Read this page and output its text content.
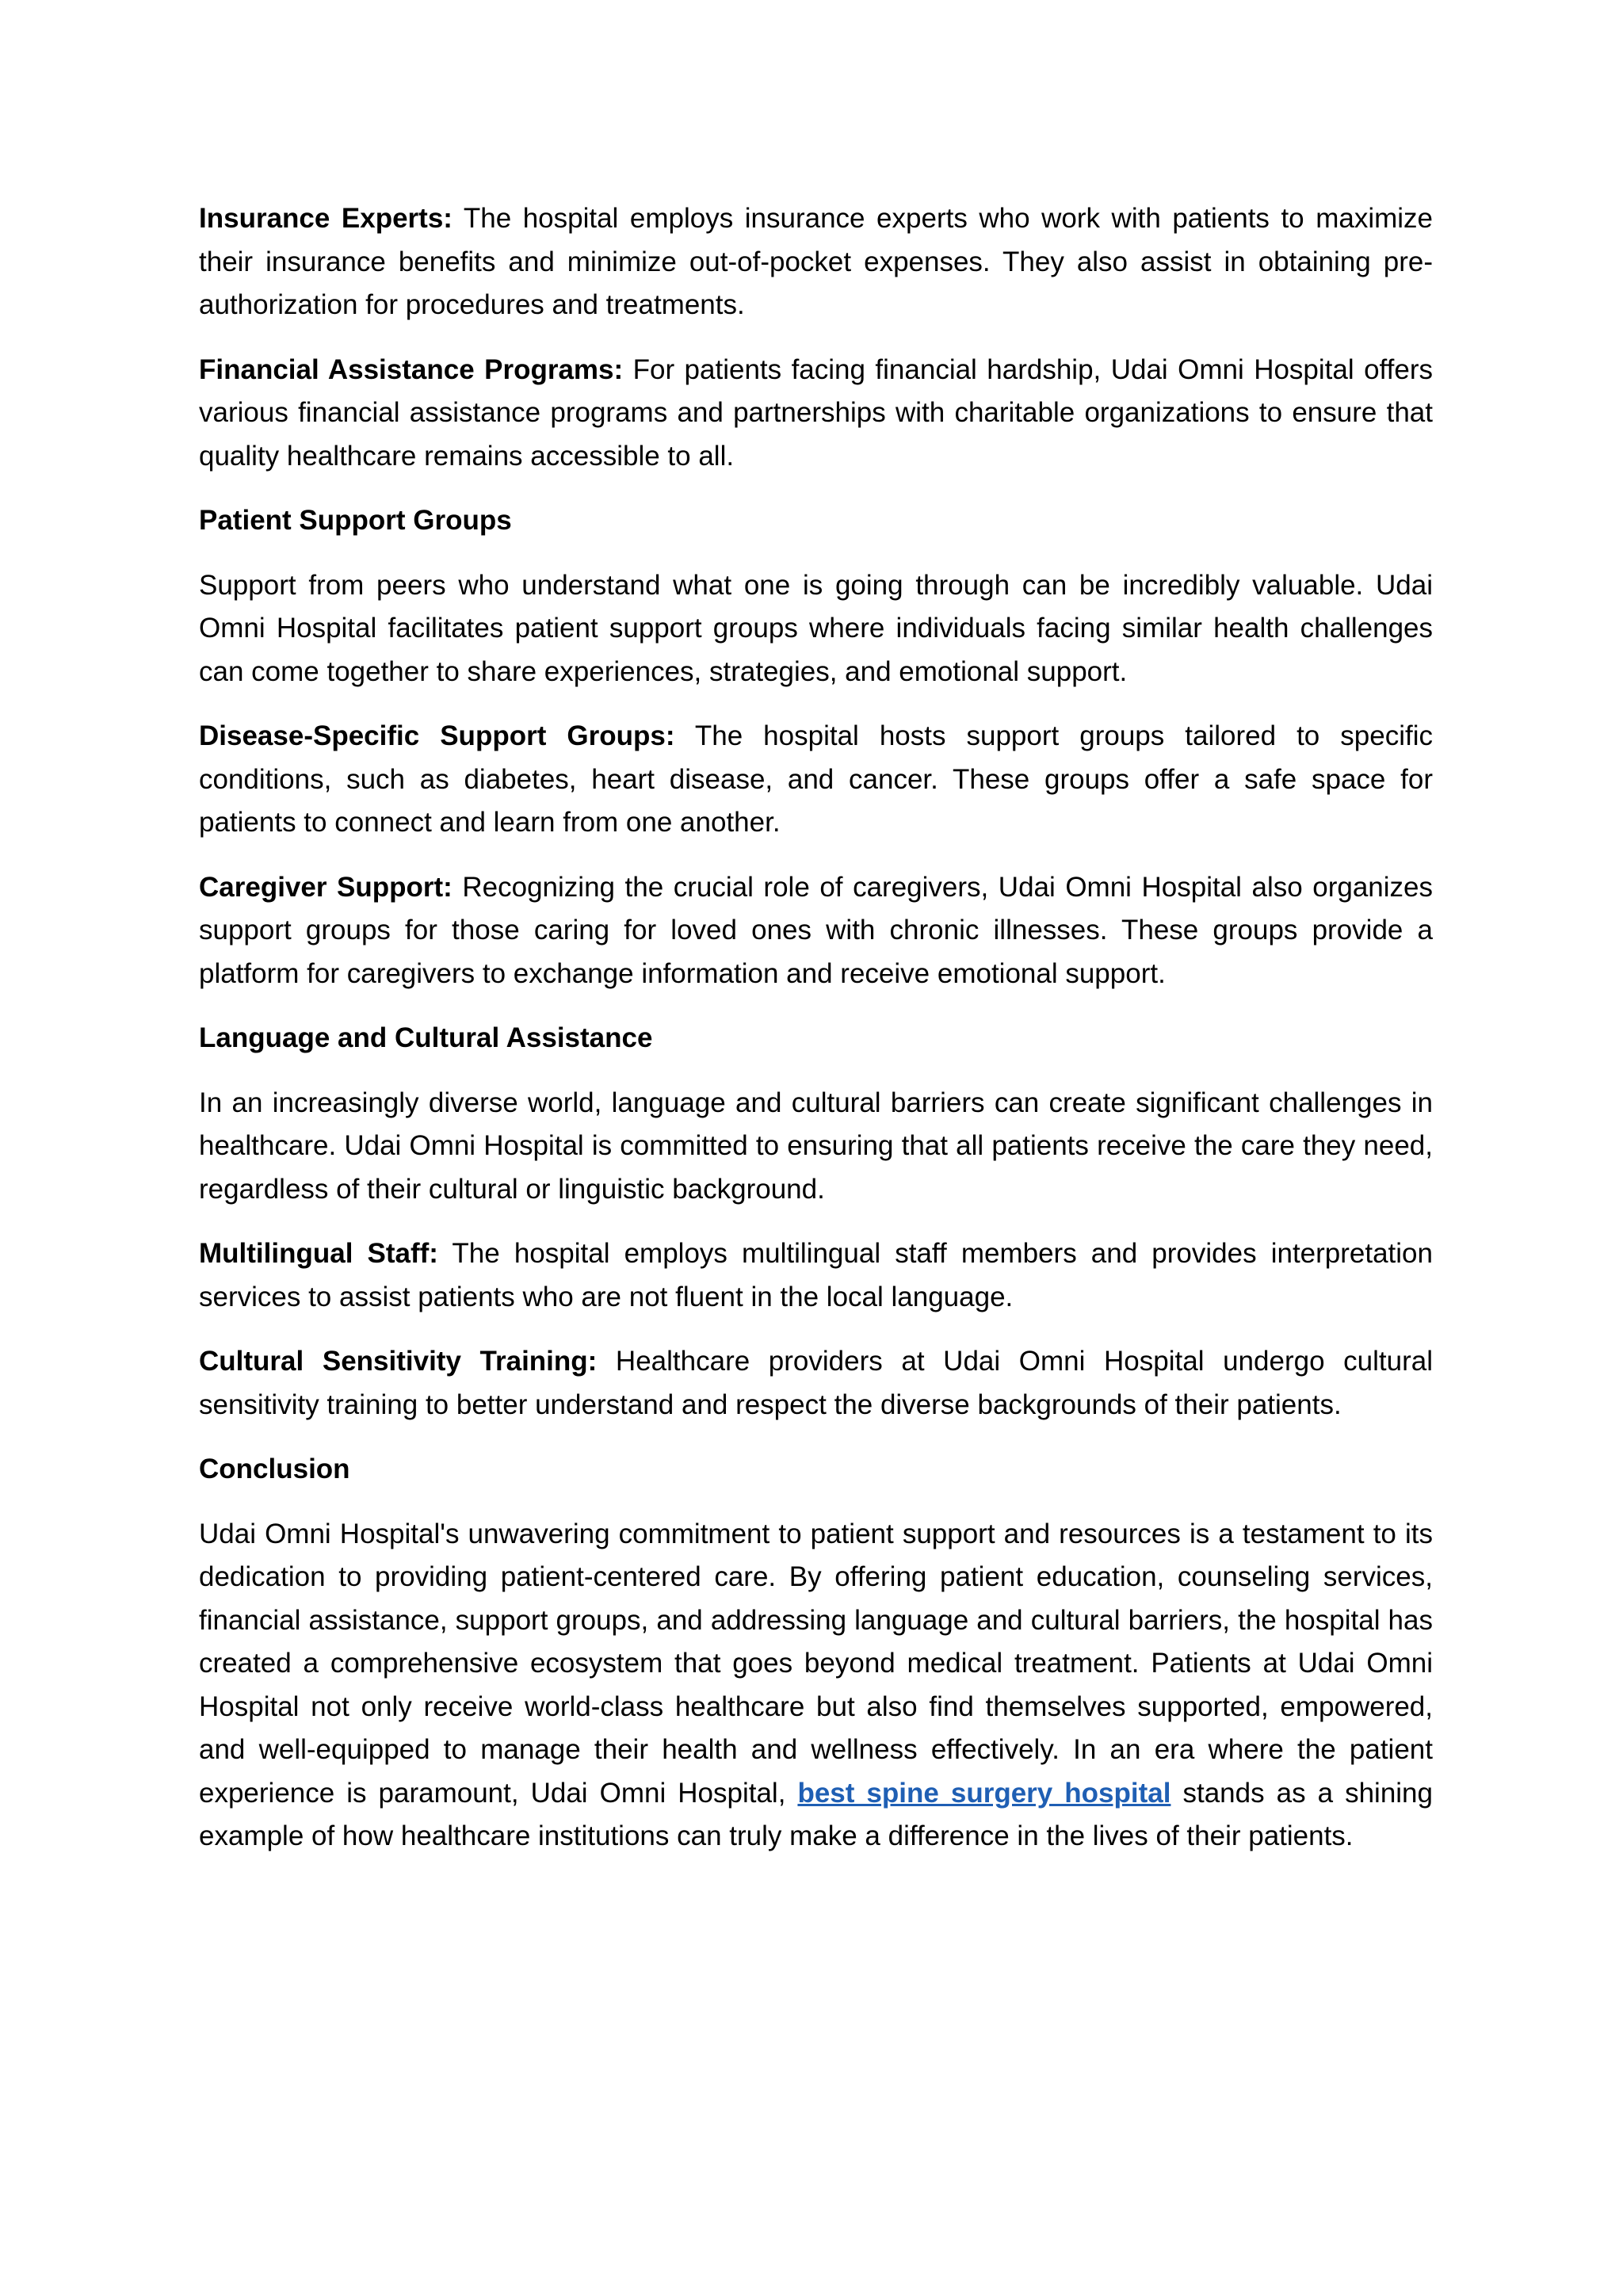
Insurance Experts: The hospital employs insurance experts who work with patients to maximize their insurance benefits and minimize out-of-pocket expenses. They also assist in obtaining pre-authorization for procedures and treatments.

Financial Assistance Programs: For patients facing financial hardship, Udai Omni Hospital offers various financial assistance programs and partnerships with charitable organizations to ensure that quality healthcare remains accessible to all.

Patient Support Groups

Support from peers who understand what one is going through can be incredibly valuable. Udai Omni Hospital facilitates patient support groups where individuals facing similar health challenges can come together to share experiences, strategies, and emotional support.

Disease-Specific Support Groups: The hospital hosts support groups tailored to specific conditions, such as diabetes, heart disease, and cancer. These groups offer a safe space for patients to connect and learn from one another.

Caregiver Support: Recognizing the crucial role of caregivers, Udai Omni Hospital also organizes support groups for those caring for loved ones with chronic illnesses. These groups provide a platform for caregivers to exchange information and receive emotional support.

Language and Cultural Assistance

In an increasingly diverse world, language and cultural barriers can create significant challenges in healthcare. Udai Omni Hospital is committed to ensuring that all patients receive the care they need, regardless of their cultural or linguistic background.

Multilingual Staff: The hospital employs multilingual staff members and provides interpretation services to assist patients who are not fluent in the local language.

Cultural Sensitivity Training: Healthcare providers at Udai Omni Hospital undergo cultural sensitivity training to better understand and respect the diverse backgrounds of their patients.

Conclusion

Udai Omni Hospital's unwavering commitment to patient support and resources is a testament to its dedication to providing patient-centered care. By offering patient education, counseling services, financial assistance, support groups, and addressing language and cultural barriers, the hospital has created a comprehensive ecosystem that goes beyond medical treatment. Patients at Udai Omni Hospital not only receive world-class healthcare but also find themselves supported, empowered, and well-equipped to manage their health and wellness effectively. In an era where the patient experience is paramount, Udai Omni Hospital, best spine surgery hospital stands as a shining example of how healthcare institutions can truly make a difference in the lives of their patients.
